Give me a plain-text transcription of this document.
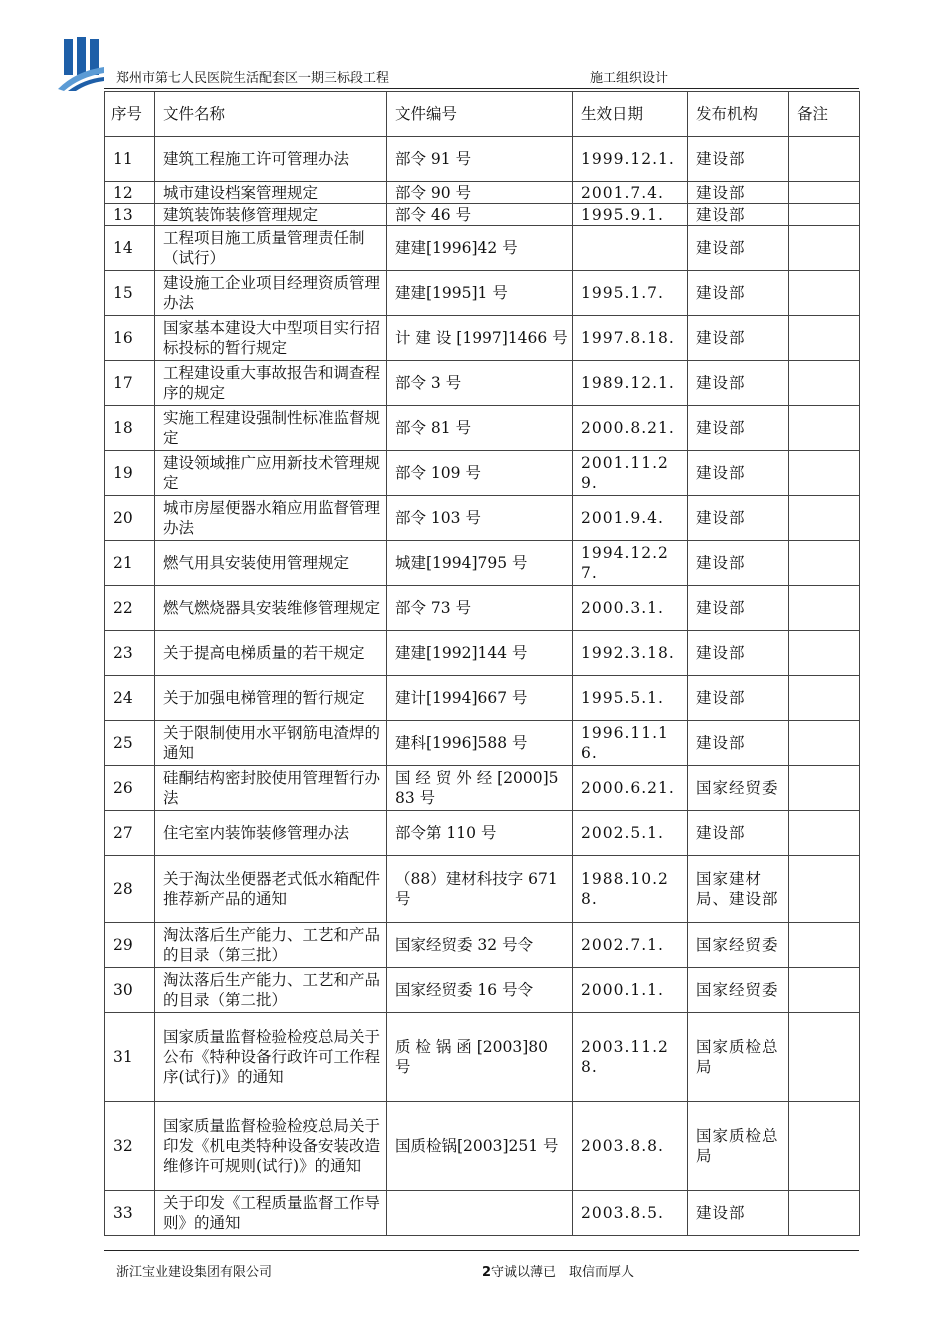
郑州市第七人民医院生活配套区一期三标段工程	施工组织设计
序号	文件名称	文件编号	生效日期	发布机构	备注
11	建筑工程施工许可管理办法	部令 91 号	1999.12.1.	建设部	
12	城市建设档案管理规定	部令 90 号	2001.7.4.	建设部	
13	建筑装饰装修管理规定	部令 46 号	1995.9.1.	建设部	
14	工程项目施工质量管理责任制（试行）	建建[1996]42 号		建设部	
15	建设施工企业项目经理资质管理办法	建建[1995]1 号	1995.1.7.	建设部	
16	国家基本建设大中型项目实行招标投标的暂行规定	计 建 设 [1997]1466 号	1997.8.18.	建设部	
17	工程建设重大事故报告和调查程序的规定	部令 3 号	1989.12.1.	建设部	
18	实施工程建设强制性标准监督规定	部令 81 号	2000.8.21.	建设部	
19	建设领域推广应用新技术管理规定	部令 109 号	2001.11.29.	建设部	
20	城市房屋便器水箱应用监督管理办法	部令 103 号	2001.9.4.	建设部	
21	燃气用具安装使用管理规定	城建[1994]795 号	1994.12.27.	建设部	
22	燃气燃烧器具安装维修管理规定	部令 73 号	2000.3.1.	建设部	
23	关于提高电梯质量的若干规定	建建[1992]144 号	1992.3.18.	建设部	
24	关于加强电梯管理的暂行规定	建计[1994]667 号	1995.5.1.	建设部	
25	关于限制使用水平钢筋电渣焊的通知	建科[1996]588 号	1996.11.16.	建设部	
26	硅酮结构密封胶使用管理暂行办法	国 经 贸 外 经 [2000]583 号	2000.6.21.	国家经贸委	
27	住宅室内装饰装修管理办法	部令第 110 号	2002.5.1.	建设部	
28	关于淘汰坐便器老式低水箱配件推荐新产品的通知	（88）建材科技字 671 号	1988.10.28.	国家建材局、建设部	
29	淘汰落后生产能力、工艺和产品的目录（第三批）	国家经贸委 32 号令	2002.7.1.	国家经贸委	
30	淘汰落后生产能力、工艺和产品的目录（第二批）	国家经贸委 16 号令	2000.1.1.	国家经贸委	
31	国家质量监督检验检疫总局关于公布《特种设备行政许可工作程序(试行)》的通知	质 检 锅 函 [2003]80 号	2003.11.28.	国家质检总局	
32	国家质量监督检验检疫总局关于印发《机电类特种设备安装改造维修许可规则(试行)》的通知	国质检锅[2003]251 号	2003.8.8.	国家质检总局	
33	关于印发《工程质量监督工作导则》的通知		2003.8.5.	建设部	
浙江宝业建设集团有限公司	2守诚以薄已　取信而厚人
